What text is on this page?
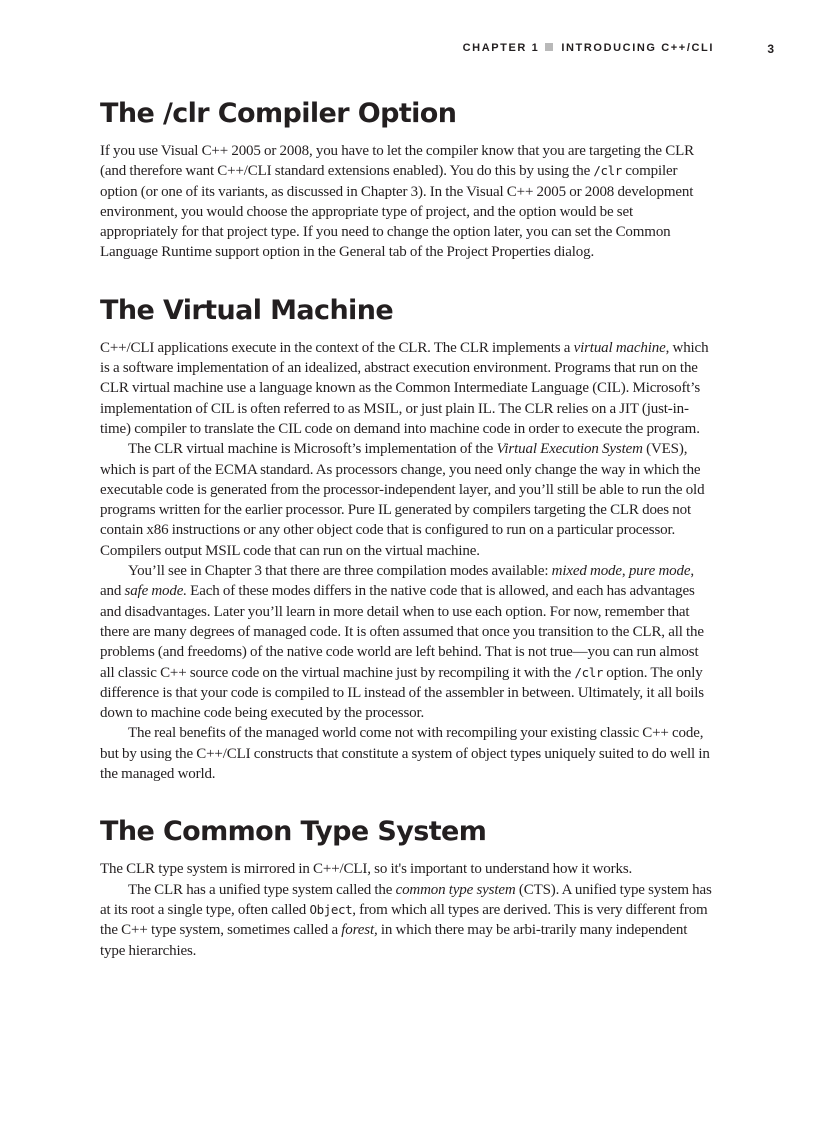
CHAPTER 1 INTRODUCING C++/CLI	3
The /clr Compiler Option

If you use Visual C++ 2005 or 2008, you have to let the compiler know that you are targeting the CLR (and therefore want C++/CLI standard extensions enabled). You do this by using the /clr compiler option (or one of its variants, as discussed in Chapter 3). In the Visual C++ 2005 or 2008 development environment, you would choose the appropriate type of project, and the option would be set appropriately for that project type. If you need to change the option later, you can set the Common Language Runtime support option in the General tab of the Project Properties dialog.

The Virtual Machine

C++/CLI applications execute in the context of the CLR. The CLR implements a virtual machine, which is a software implementation of an idealized, abstract execution environment. Programs that run on the CLR virtual machine use a language known as the Common Intermediate Language (CIL). Microsoft’s implementation of CIL is often referred to as MSIL, or just plain IL. The CLR relies on a JIT (just-in-time) compiler to translate the CIL code on demand into machine code in order to execute the program.

The CLR virtual machine is Microsoft’s implementation of the Virtual Execution System (VES), which is part of the ECMA standard. As processors change, you need only change the way in which the executable code is generated from the processor-independent layer, and you’ll still be able to run the old programs written for the earlier processor. Pure IL generated by compilers targeting the CLR does not contain x86 instructions or any other object code that is configured to run on a particular processor. Compilers output MSIL code that can run on the virtual machine.

You’ll see in Chapter 3 that there are three compilation modes available: mixed mode, pure mode, and safe mode. Each of these modes differs in the native code that is allowed, and each has advantages and disadvantages. Later you’ll learn in more detail when to use each option. For now, remember that there are many degrees of managed code. It is often assumed that once you transition to the CLR, all the problems (and freedoms) of the native code world are left behind. That is not true—you can run almost all classic C++ source code on the virtual machine just by recompiling it with the /clr option. The only difference is that your code is compiled to IL instead of the assembler in between. Ultimately, it all boils down to machine code being executed by the processor.

The real benefits of the managed world come not with recompiling your existing classic C++ code, but by using the C++/CLI constructs that constitute a system of object types uniquely suited to do well in the managed world.

The Common Type System

The CLR type system is mirrored in C++/CLI, so it's important to understand how it works.

The CLR has a unified type system called the common type system (CTS). A unified type system has at its root a single type, often called Object, from which all types are derived. This is very different from the C++ type system, sometimes called a forest, in which there may be arbi-trarily many independent type hierarchies.
